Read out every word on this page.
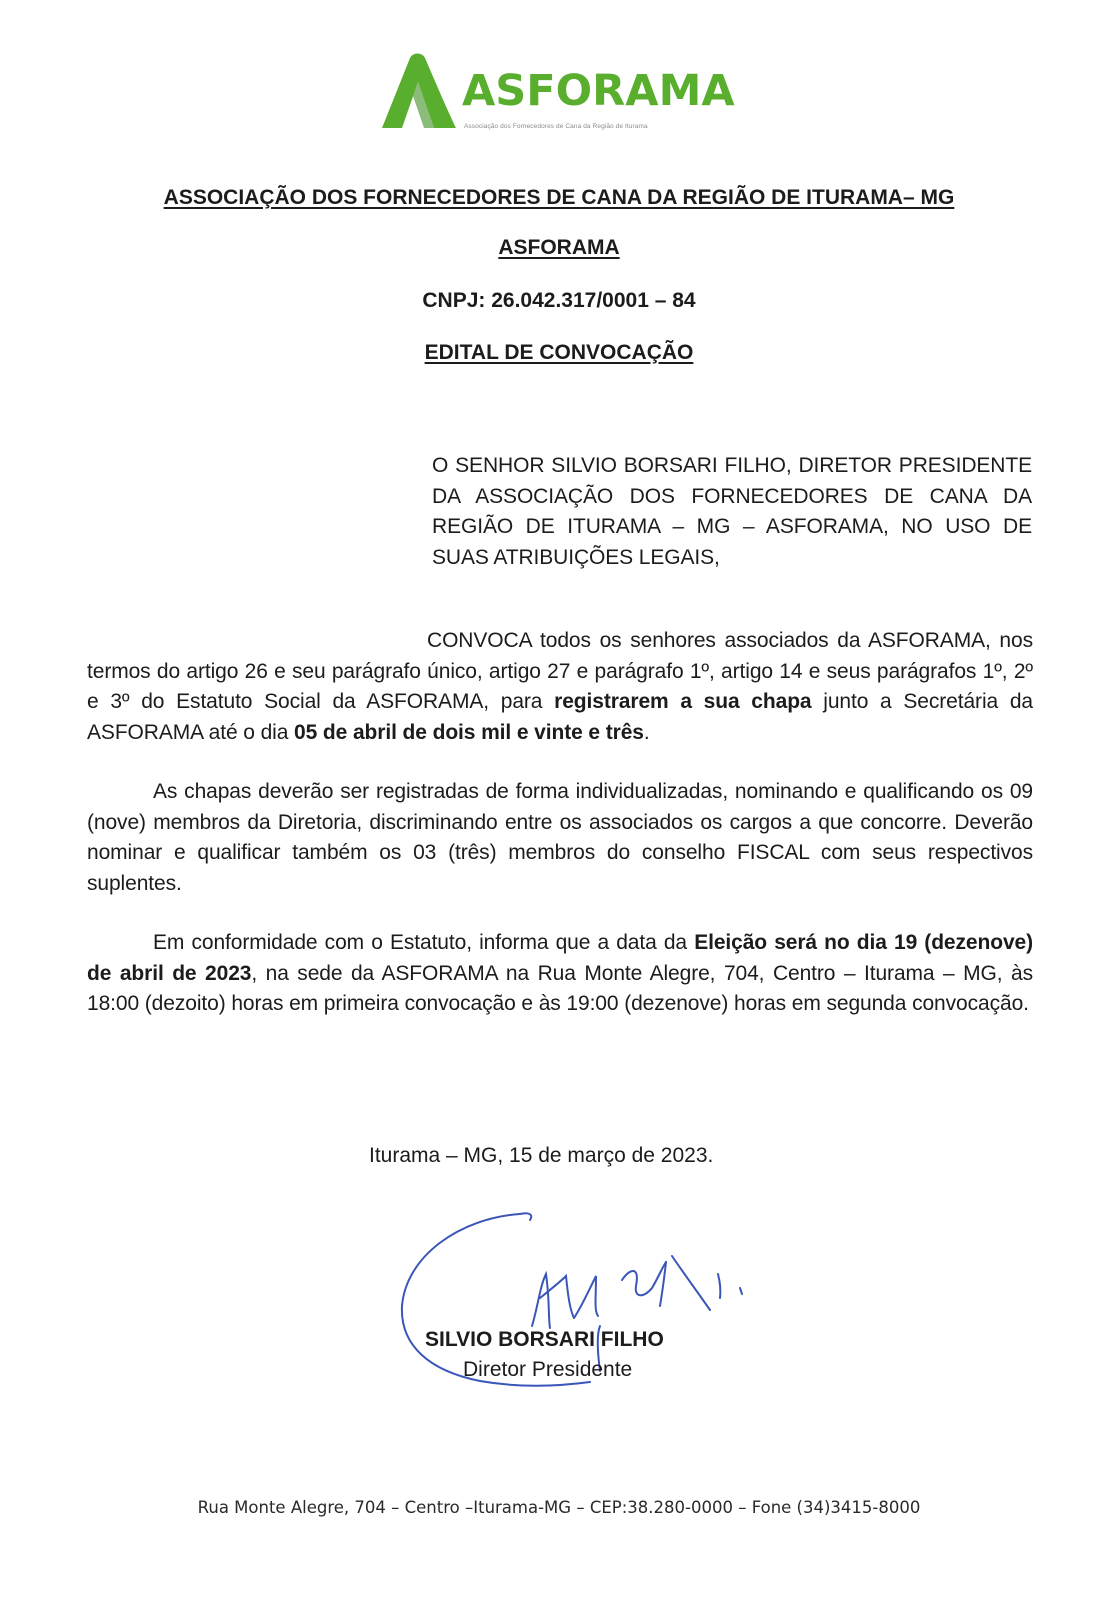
ASFORAMA
Associação dos Fornecedores de Cana da Região de Iturama
ASSOCIAÇÃO DOS FORNECEDORES DE CANA DA REGIÃO DE ITURAMA– MG
ASFORAMA
CNPJ: 26.042.317/0001 – 84
EDITAL DE CONVOCAÇÃO
O SENHOR SILVIO BORSARI FILHO, DIRETOR PRESIDENTE DA ASSOCIAÇÃO DOS FORNECEDORES DE CANA DA REGIÃO DE ITURAMA – MG – ASFORAMA, NO USO DE SUAS ATRIBUIÇÕES LEGAIS,
CONVOCA todos os senhores associados da ASFORAMA, nos termos do artigo 26 e seu parágrafo único, artigo 27 e parágrafo 1º, artigo 14 e seus parágrafos 1º, 2º e 3º do Estatuto Social da ASFORAMA, para registrarem a sua chapa junto a Secretária da ASFORAMA até o dia 05 de abril de dois mil e vinte e três.
As chapas deverão ser registradas de forma individualizadas, nominando e qualificando os 09 (nove) membros da Diretoria, discriminando entre os associados os cargos a que concorre. Deverão nominar e qualificar também os 03 (três) membros do conselho FISCAL com seus respectivos suplentes.
Em conformidade com o Estatuto, informa que a data da Eleição será no dia 19 (dezenove) de abril de 2023, na sede da ASFORAMA na Rua Monte Alegre, 704, Centro – Iturama – MG, às 18:00 (dezoito) horas em primeira convocação e às 19:00 (dezenove) horas em segunda convocação.
Iturama – MG, 15 de março de 2023.
SILVIO BORSARI FILHO
Diretor Presidente
Rua Monte Alegre, 704 – Centro –Iturama-MG – CEP:38.280-0000 – Fone (34)3415-8000
